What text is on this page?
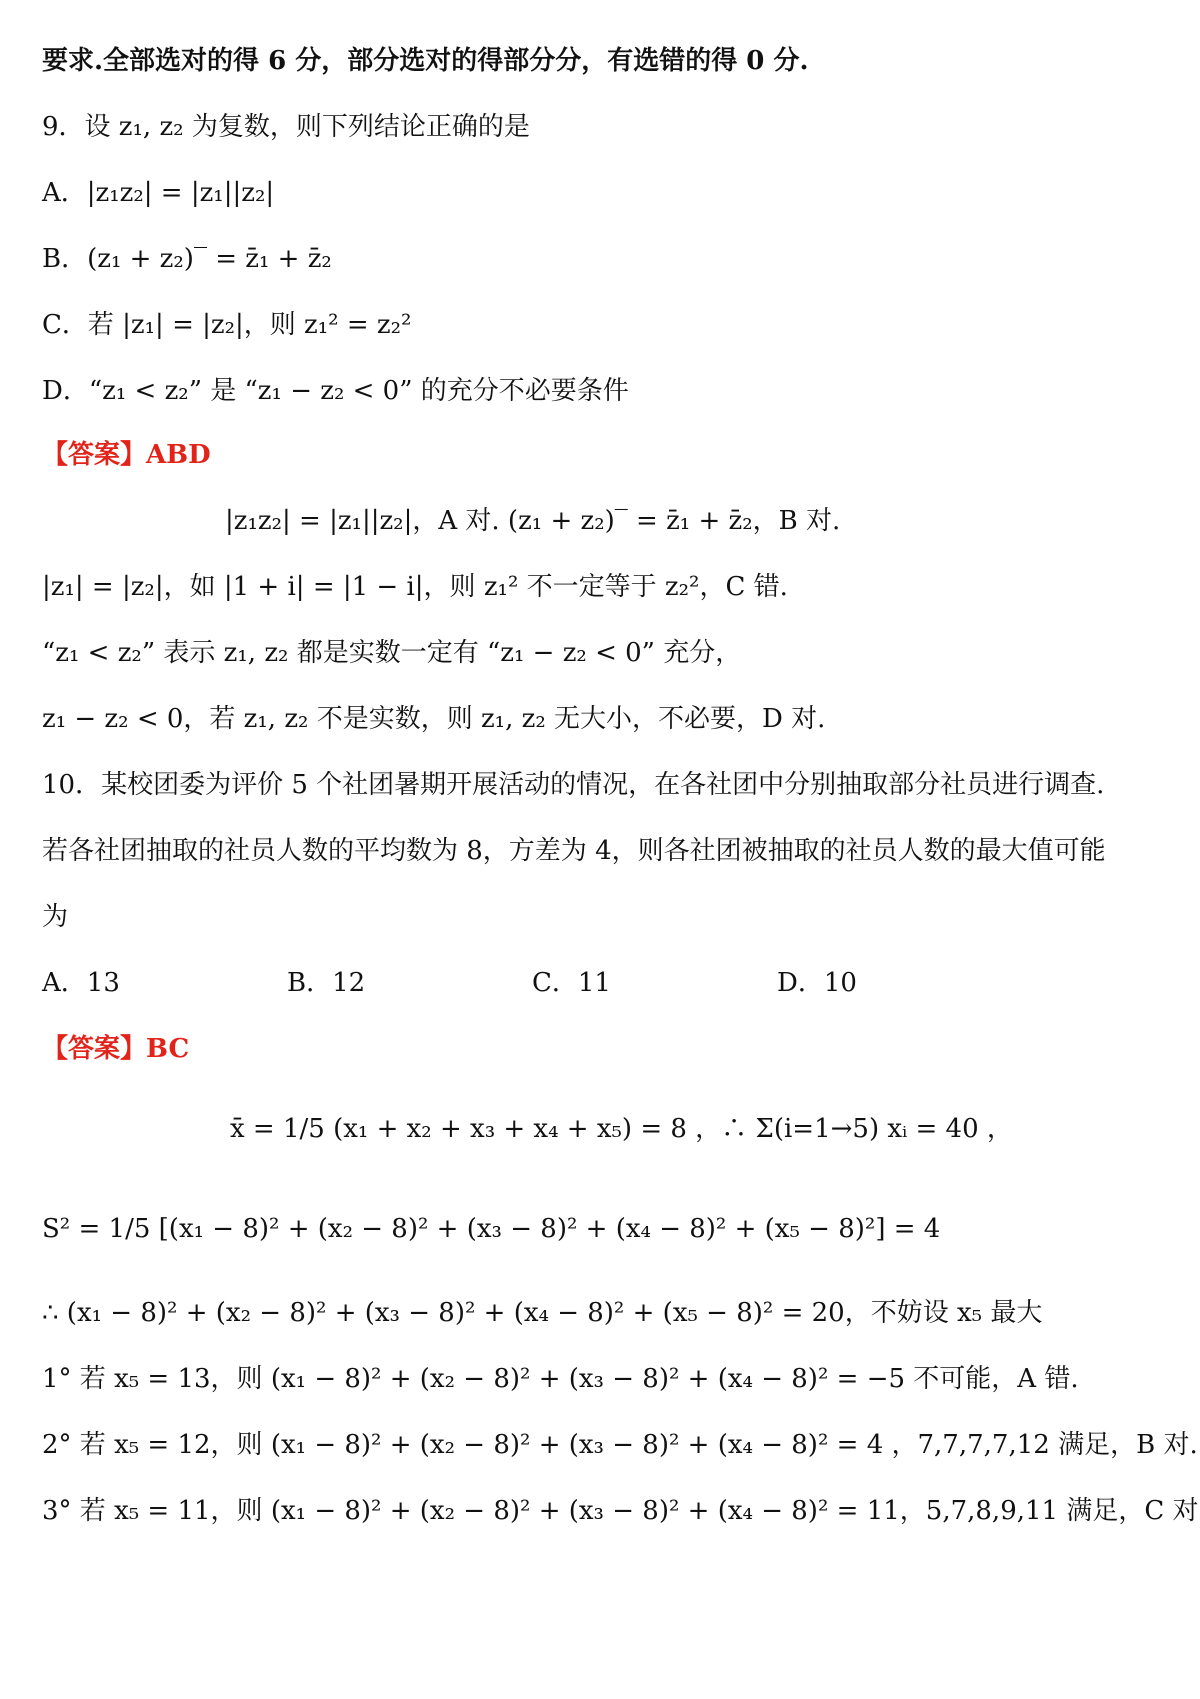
要求.全部选对的得 6 分，部分选对的得部分分，有选错的得 0 分.
9．设 z₁, z₂ 为复数，则下列结论正确的是
A．|z₁z₂| = |z₁||z₂|
B．(z₁ + z₂)‾ = z̄₁ + z̄₂
C．若 |z₁| = |z₂|，则 z₁² = z₂²
D．“z₁ < z₂” 是 “z₁ − z₂ < 0” 的充分不必要条件
【答案】ABD
|z₁z₂| = |z₁||z₂|，A 对. (z₁ + z₂)‾ = z̄₁ + z̄₂，B 对.
|z₁| = |z₂|，如 |1 + i| = |1 − i|，则 z₁² 不一定等于 z₂²，C 错.
“z₁ < z₂” 表示 z₁, z₂ 都是实数一定有 “z₁ − z₂ < 0” 充分，
z₁ − z₂ < 0，若 z₁, z₂ 不是实数，则 z₁, z₂ 无大小，不必要，D 对.
10．某校团委为评价 5 个社团暑期开展活动的情况，在各社团中分别抽取部分社员进行调查.
若各社团抽取的社员人数的平均数为 8，方差为 4，则各社团被抽取的社员人数的最大值可能
为
A．13	B．12	C．11	D．10
【答案】BC
x̄ = 1/5 (x₁ + x₂ + x₃ + x₄ + x₅) = 8 ，∴ Σ(i=1→5) xᵢ = 40 ，
S² = 1/5 [(x₁ − 8)² + (x₂ − 8)² + (x₃ − 8)² + (x₄ − 8)² + (x₅ − 8)²] = 4
∴ (x₁ − 8)² + (x₂ − 8)² + (x₃ − 8)² + (x₄ − 8)² + (x₅ − 8)² = 20，不妨设 x₅ 最大
1° 若 x₅ = 13，则 (x₁ − 8)² + (x₂ − 8)² + (x₃ − 8)² + (x₄ − 8)² = −5 不可能，A 错.
2° 若 x₅ = 12，则 (x₁ − 8)² + (x₂ − 8)² + (x₃ − 8)² + (x₄ − 8)² = 4 ，7,7,7,7,12 满足，B 对.
3° 若 x₅ = 11，则 (x₁ − 8)² + (x₂ − 8)² + (x₃ − 8)² + (x₄ − 8)² = 11，5,7,8,9,11 满足，C 对
